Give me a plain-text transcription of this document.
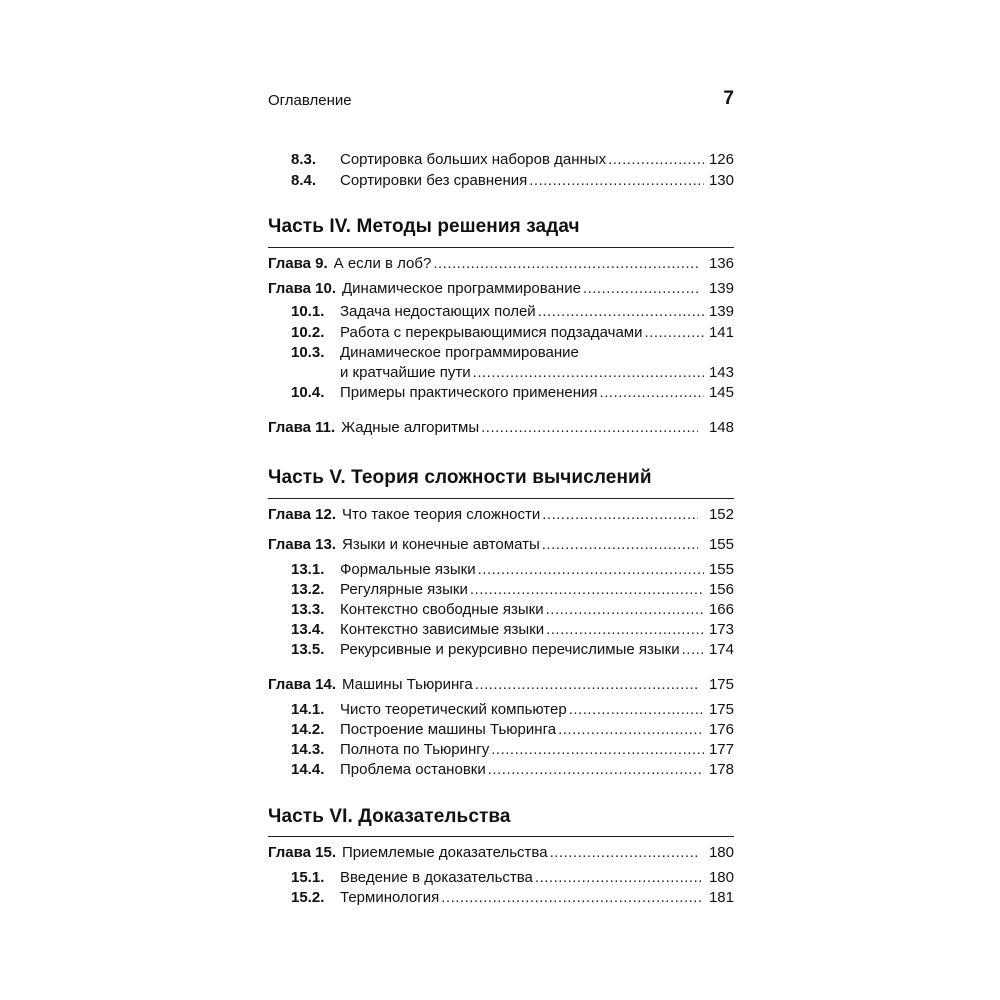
Оглавление	7
8.3.	Сортировка больших наборов данных .....	126
8.4.	Сортировки без сравнения .....	130
Часть IV. Методы решения задач
Глава 9. А если в лоб? .....	136
Глава 10. Динамическое программирование .....	139
10.1.	Задача недостающих полей .....	139
10.2.	Работа с перекрывающимися подзадачами .....	141
10.3.	Динамическое программирование
и кратчайшие пути .....	143
10.4.	Примеры практического применения .....	145
Глава 11. Жадные алгоритмы .....	148
Часть V. Теория сложности вычислений
Глава 12. Что такое теория сложности .....	152
Глава 13. Языки и конечные автоматы .....	155
13.1.	Формальные языки .....	155
13.2.	Регулярные языки .....	156
13.3.	Контекстно свободные языки .....	166
13.4.	Контекстно зависимые языки .....	173
13.5.	Рекурсивные и рекурсивно перечислимые языки ..... 174
Глава 14. Машины Тьюринга .....	175
14.1.	Чисто теоретический компьютер .....	175
14.2.	Построение машины Тьюринга .....	176
14.3.	Полнота по Тьюрингу .....	177
14.4.	Проблема остановки .....	178
Часть VI. Доказательства
Глава 15. Приемлемые доказательства .....	180
15.1.	Введение в доказательства .....	180
15.2.	Терминология .....	181
